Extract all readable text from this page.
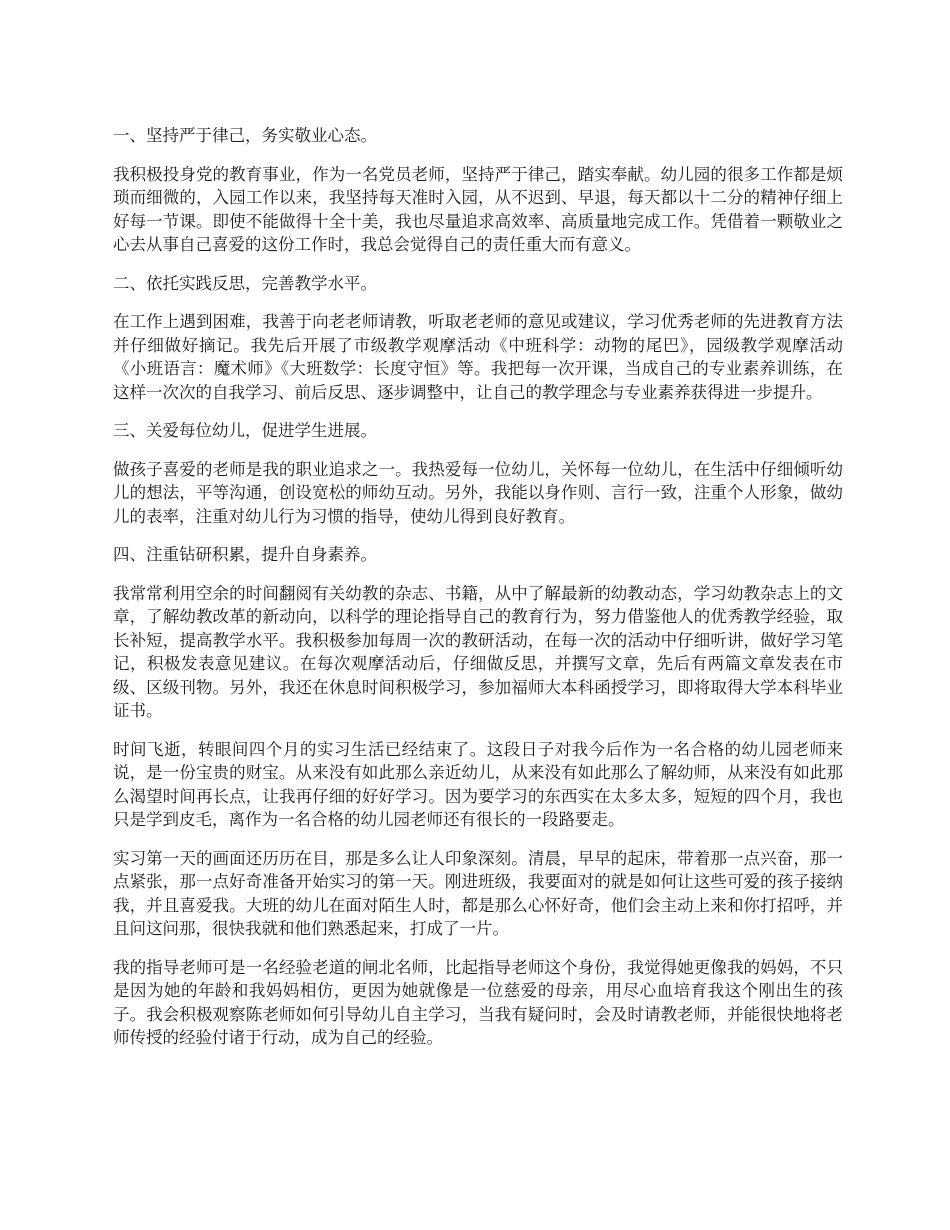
一、坚持严于律己，务实敬业心态。

我积极投身党的教育事业，作为一名党员老师，坚持严于律己，踏实奉献。幼儿园的很多工作都是烦琐而细微的，入园工作以来，我坚持每天准时入园，从不迟到、早退，每天都以十二分的精神仔细上好每一节课。即使不能做得十全十美，我也尽量追求高效率、高质量地完成工作。凭借着一颗敬业之心去从事自己喜爱的这份工作时，我总会觉得自己的责任重大而有意义。

二、依托实践反思，完善教学水平。

在工作上遇到困难，我善于向老老师请教，听取老老师的意见或建议，学习优秀老师的先进教育方法并仔细做好摘记。我先后开展了市级教学观摩活动《中班科学：动物的尾巴》，园级教学观摩活动《小班语言：魔术师》《大班数学：长度守恒》等。我把每一次开课，当成自己的专业素养训练，在这样一次次的自我学习、前后反思、逐步调整中，让自己的教学理念与专业素养获得进一步提升。

三、关爱每位幼儿，促进学生进展。

做孩子喜爱的老师是我的职业追求之一。我热爱每一位幼儿，关怀每一位幼儿，在生活中仔细倾听幼儿的想法，平等沟通，创设宽松的师幼互动。另外，我能以身作则、言行一致，注重个人形象，做幼儿的表率，注重对幼儿行为习惯的指导，使幼儿得到良好教育。

四、注重钻研积累，提升自身素养。

我常常利用空余的时间翻阅有关幼教的杂志、书籍，从中了解最新的幼教动态，学习幼教杂志上的文章，了解幼教改革的新动向，以科学的理论指导自己的教育行为，努力借鉴他人的优秀教学经验，取长补短，提高教学水平。我积极参加每周一次的教研活动，在每一次的活动中仔细听讲，做好学习笔记，积极发表意见建议。在每次观摩活动后，仔细做反思，并撰写文章，先后有两篇文章发表在市级、区级刊物。另外，我还在休息时间积极学习，参加福师大本科函授学习，即将取得大学本科毕业证书。

时间飞逝，转眼间四个月的实习生活已经结束了。这段日子对我今后作为一名合格的幼儿园老师来说，是一份宝贵的财宝。从来没有如此那么亲近幼儿，从来没有如此那么了解幼师，从来没有如此那么渴望时间再长点，让我再仔细的好好学习。因为要学习的东西实在太多太多，短短的四个月，我也只是学到皮毛，离作为一名合格的幼儿园老师还有很长的一段路要走。

实习第一天的画面还历历在目，那是多么让人印象深刻。清晨，早早的起床，带着那一点兴奋，那一点紧张，那一点好奇准备开始实习的第一天。刚进班级，我要面对的就是如何让这些可爱的孩子接纳我，并且喜爱我。大班的幼儿在面对陌生人时，都是那么心怀好奇，他们会主动上来和你打招呼，并且问这问那，很快我就和他们熟悉起来，打成了一片。

我的指导老师可是一名经验老道的闸北名师，比起指导老师这个身份，我觉得她更像我的妈妈，不只是因为她的年龄和我妈妈相仿，更因为她就像是一位慈爱的母亲，用尽心血培育我这个刚出生的孩子。我会积极观察陈老师如何引导幼儿自主学习，当我有疑问时，会及时请教老师，并能很快地将老师传授的经验付诸于行动，成为自己的经验。
